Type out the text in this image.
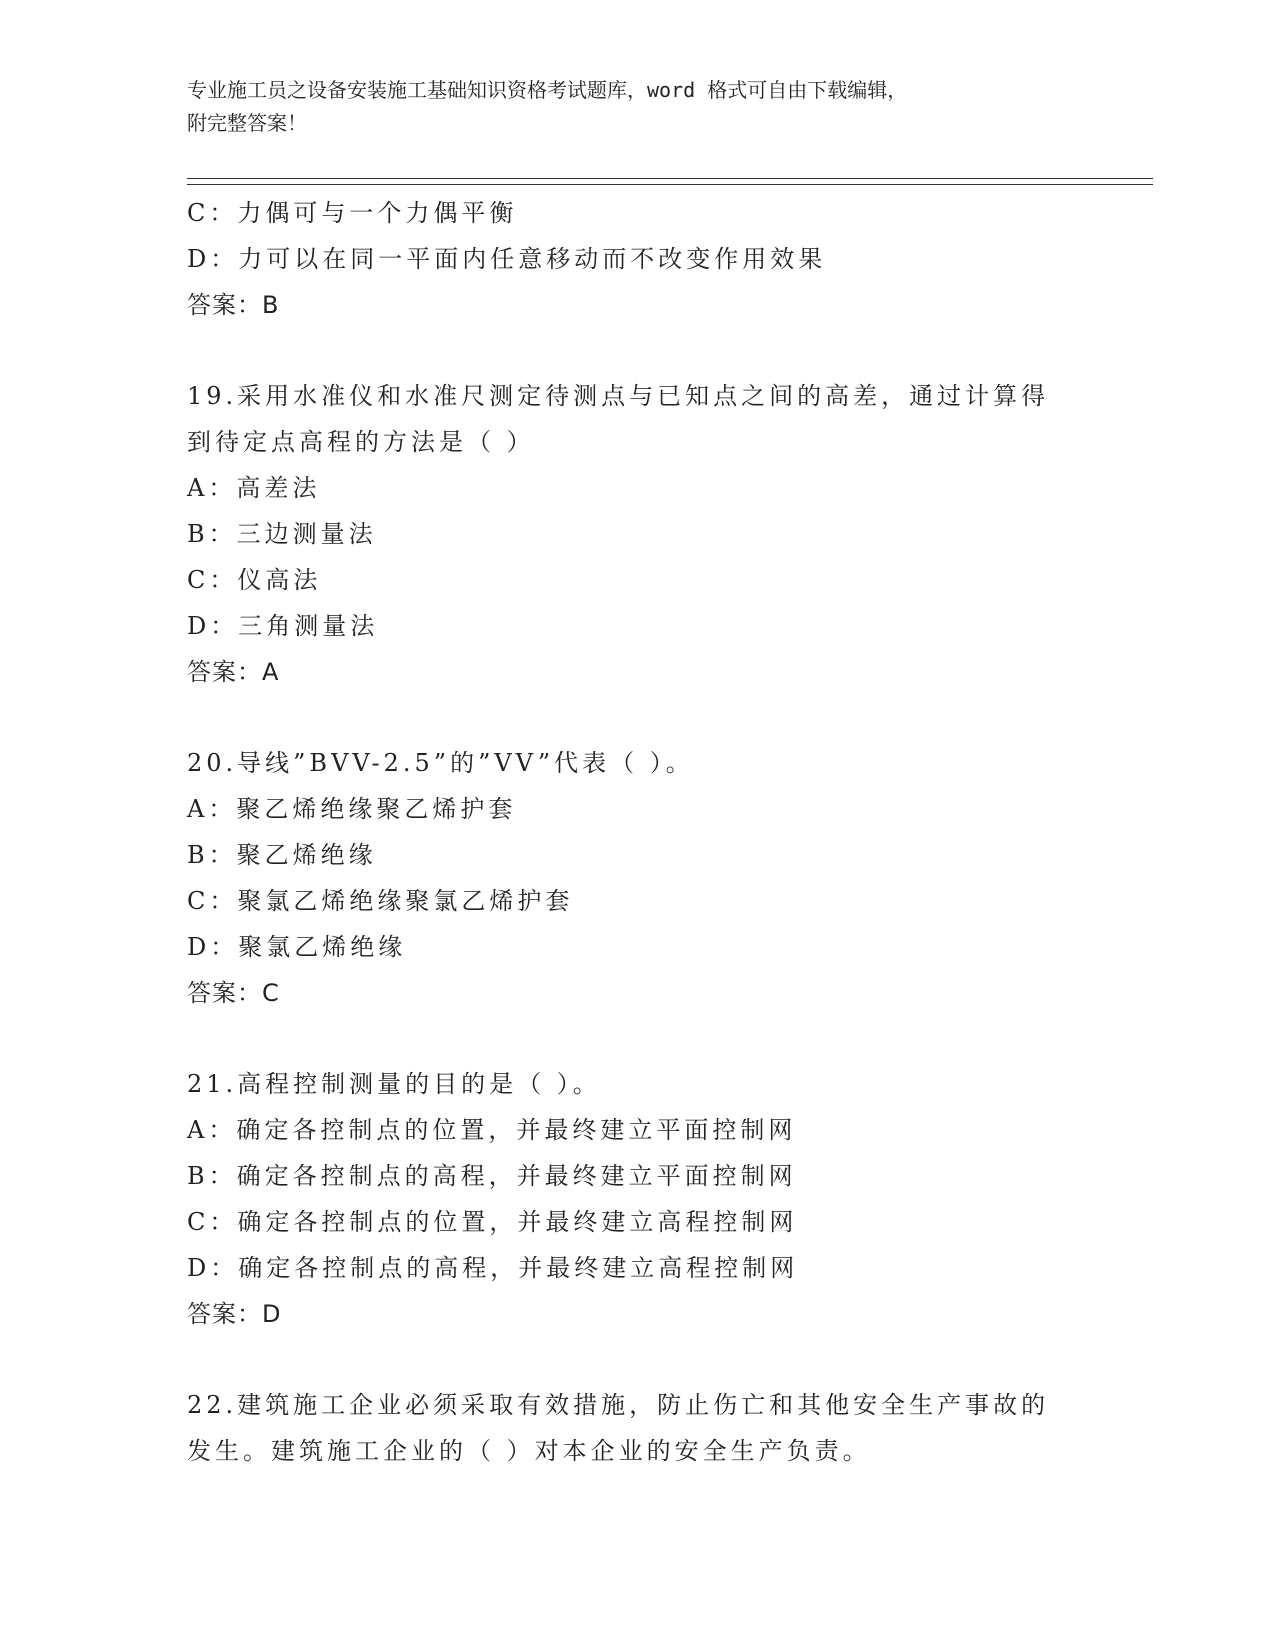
专业施工员之设备安装施工基础知识资格考试题库，word 格式可自由下载编辑，
附完整答案！
C：力偶可与一个力偶平衡
D：力可以在同一平面内任意移动而不改变作用效果
答案：B
19.采用水准仪和水准尺测定待测点与已知点之间的高差，通过计算得
到待定点高程的方法是（ ）
A：高差法
B：三边测量法
C：仪高法
D：三角测量法
答案：A
20.导线”BVV-2.5”的”VV”代表（ ）。
A：聚乙烯绝缘聚乙烯护套
B：聚乙烯绝缘
C：聚氯乙烯绝缘聚氯乙烯护套
D：聚氯乙烯绝缘
答案：C
21.高程控制测量的目的是（ ）。
A：确定各控制点的位置，并最终建立平面控制网
B：确定各控制点的高程，并最终建立平面控制网
C：确定各控制点的位置，并最终建立高程控制网
D：确定各控制点的高程，并最终建立高程控制网
答案：D
22.建筑施工企业必须采取有效措施，防止伤亡和其他安全生产事故的
发生。建筑施工企业的（ ）对本企业的安全生产负责。
